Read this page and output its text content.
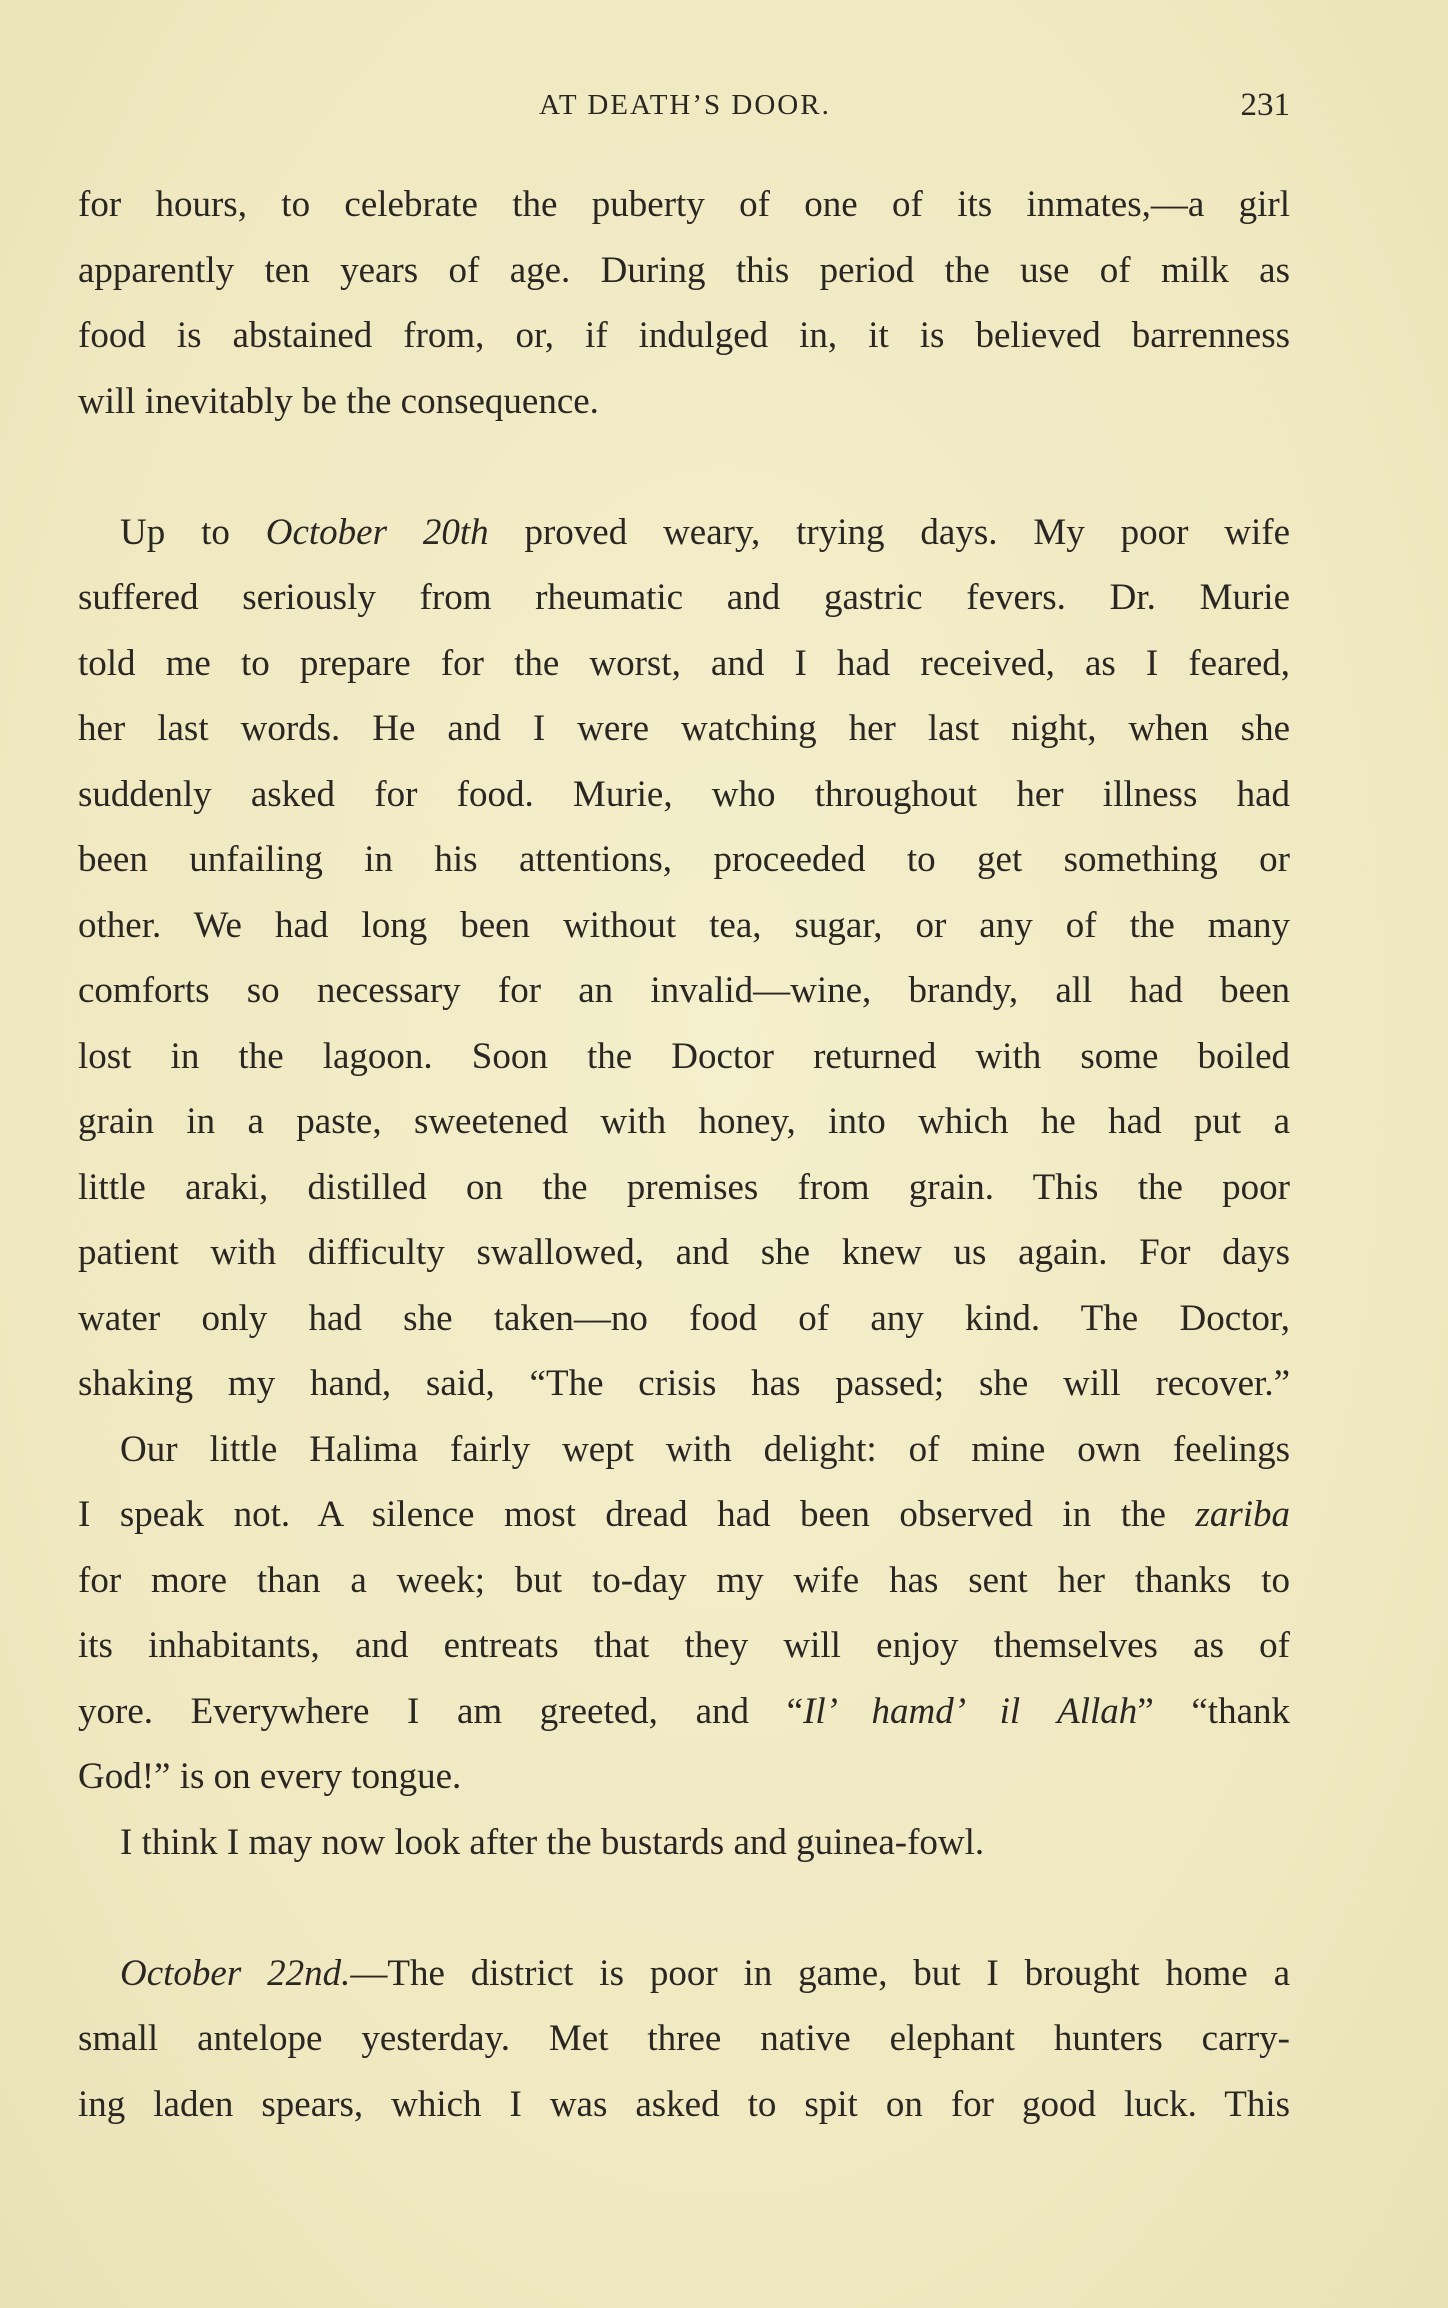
AT DEATH’S DOOR.	231
for hours, to celebrate the puberty of one of its inmates,—a girl
apparently ten years of age. During this period the use of milk as
food is abstained from, or, if indulged in, it is believed barrenness
will inevitably be the consequence.
Up to October 20th proved weary, trying days. My poor wife
suffered seriously from rheumatic and gastric fevers. Dr. Murie
told me to prepare for the worst, and I had received, as I feared,
her last words. He and I were watching her last night, when she
suddenly asked for food. Murie, who throughout her illness had
been unfailing in his attentions, proceeded to get something or
other. We had long been without tea, sugar, or any of the many
comforts so necessary for an invalid—wine, brandy, all had been
lost in the lagoon. Soon the Doctor returned with some boiled
grain in a paste, sweetened with honey, into which he had put a
little araki, distilled on the premises from grain. This the poor
patient with difficulty swallowed, and she knew us again. For days
water only had she taken—no food of any kind. The Doctor,
shaking my hand, said, “The crisis has passed; she will recover.”
Our little Halima fairly wept with delight: of mine own feelings
I speak not. A silence most dread had been observed in the zariba
for more than a week; but to-day my wife has sent her thanks to
its inhabitants, and entreats that they will enjoy themselves as of
yore. Everywhere I am greeted, and “Il’ hamd’ il Allah” “thank
God!” is on every tongue.
I think I may now look after the bustards and guinea-fowl.
October 22nd.—The district is poor in game, but I brought home a
small antelope yesterday. Met three native elephant hunters carry-
ing laden spears, which I was asked to spit on for good luck. This
